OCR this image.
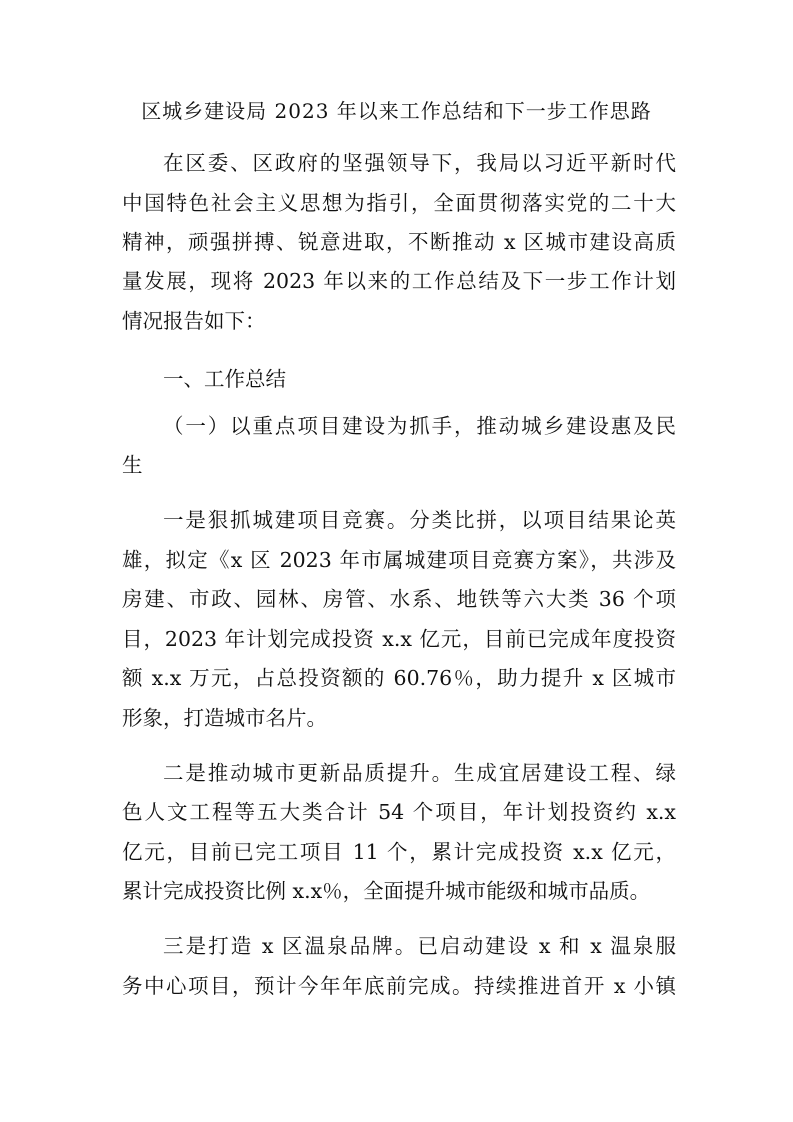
区城乡建设局 2023 年以来工作总结和下一步工作思路
在区委、区政府的坚强领导下，我局以习近平新时代
中国特色社会主义思想为指引，全面贯彻落实党的二十大
精神，顽强拼搏、锐意进取，不断推动 x 区城市建设高质
量发展，现将 2023 年以来的工作总结及下一步工作计划
情况报告如下：
一、工作总结
（一）以重点项目建设为抓手，推动城乡建设惠及民
生
一是狠抓城建项目竞赛。分类比拼，以项目结果论英
雄，拟定《x 区 2023 年市属城建项目竞赛方案》，共涉及
房建、市政、园林、房管、水系、地铁等六大类 36 个项
目，2023 年计划完成投资 x.x 亿元，目前已完成年度投资
额 x.x 万元，占总投资额的 60.76％，助力提升 x 区城市
形象，打造城市名片。
二是推动城市更新品质提升。生成宜居建设工程、绿
色人文工程等五大类合计 54 个项目，年计划投资约 x.x
亿元，目前已完工项目 11 个，累计完成投资 x.x 亿元，
累计完成投资比例 x.x％，全面提升城市能级和城市品质。
三是打造 x 区温泉品牌。已启动建设 x 和 x 温泉服
务中心项目，预计今年年底前完成。持续推进首开 x 小镇
